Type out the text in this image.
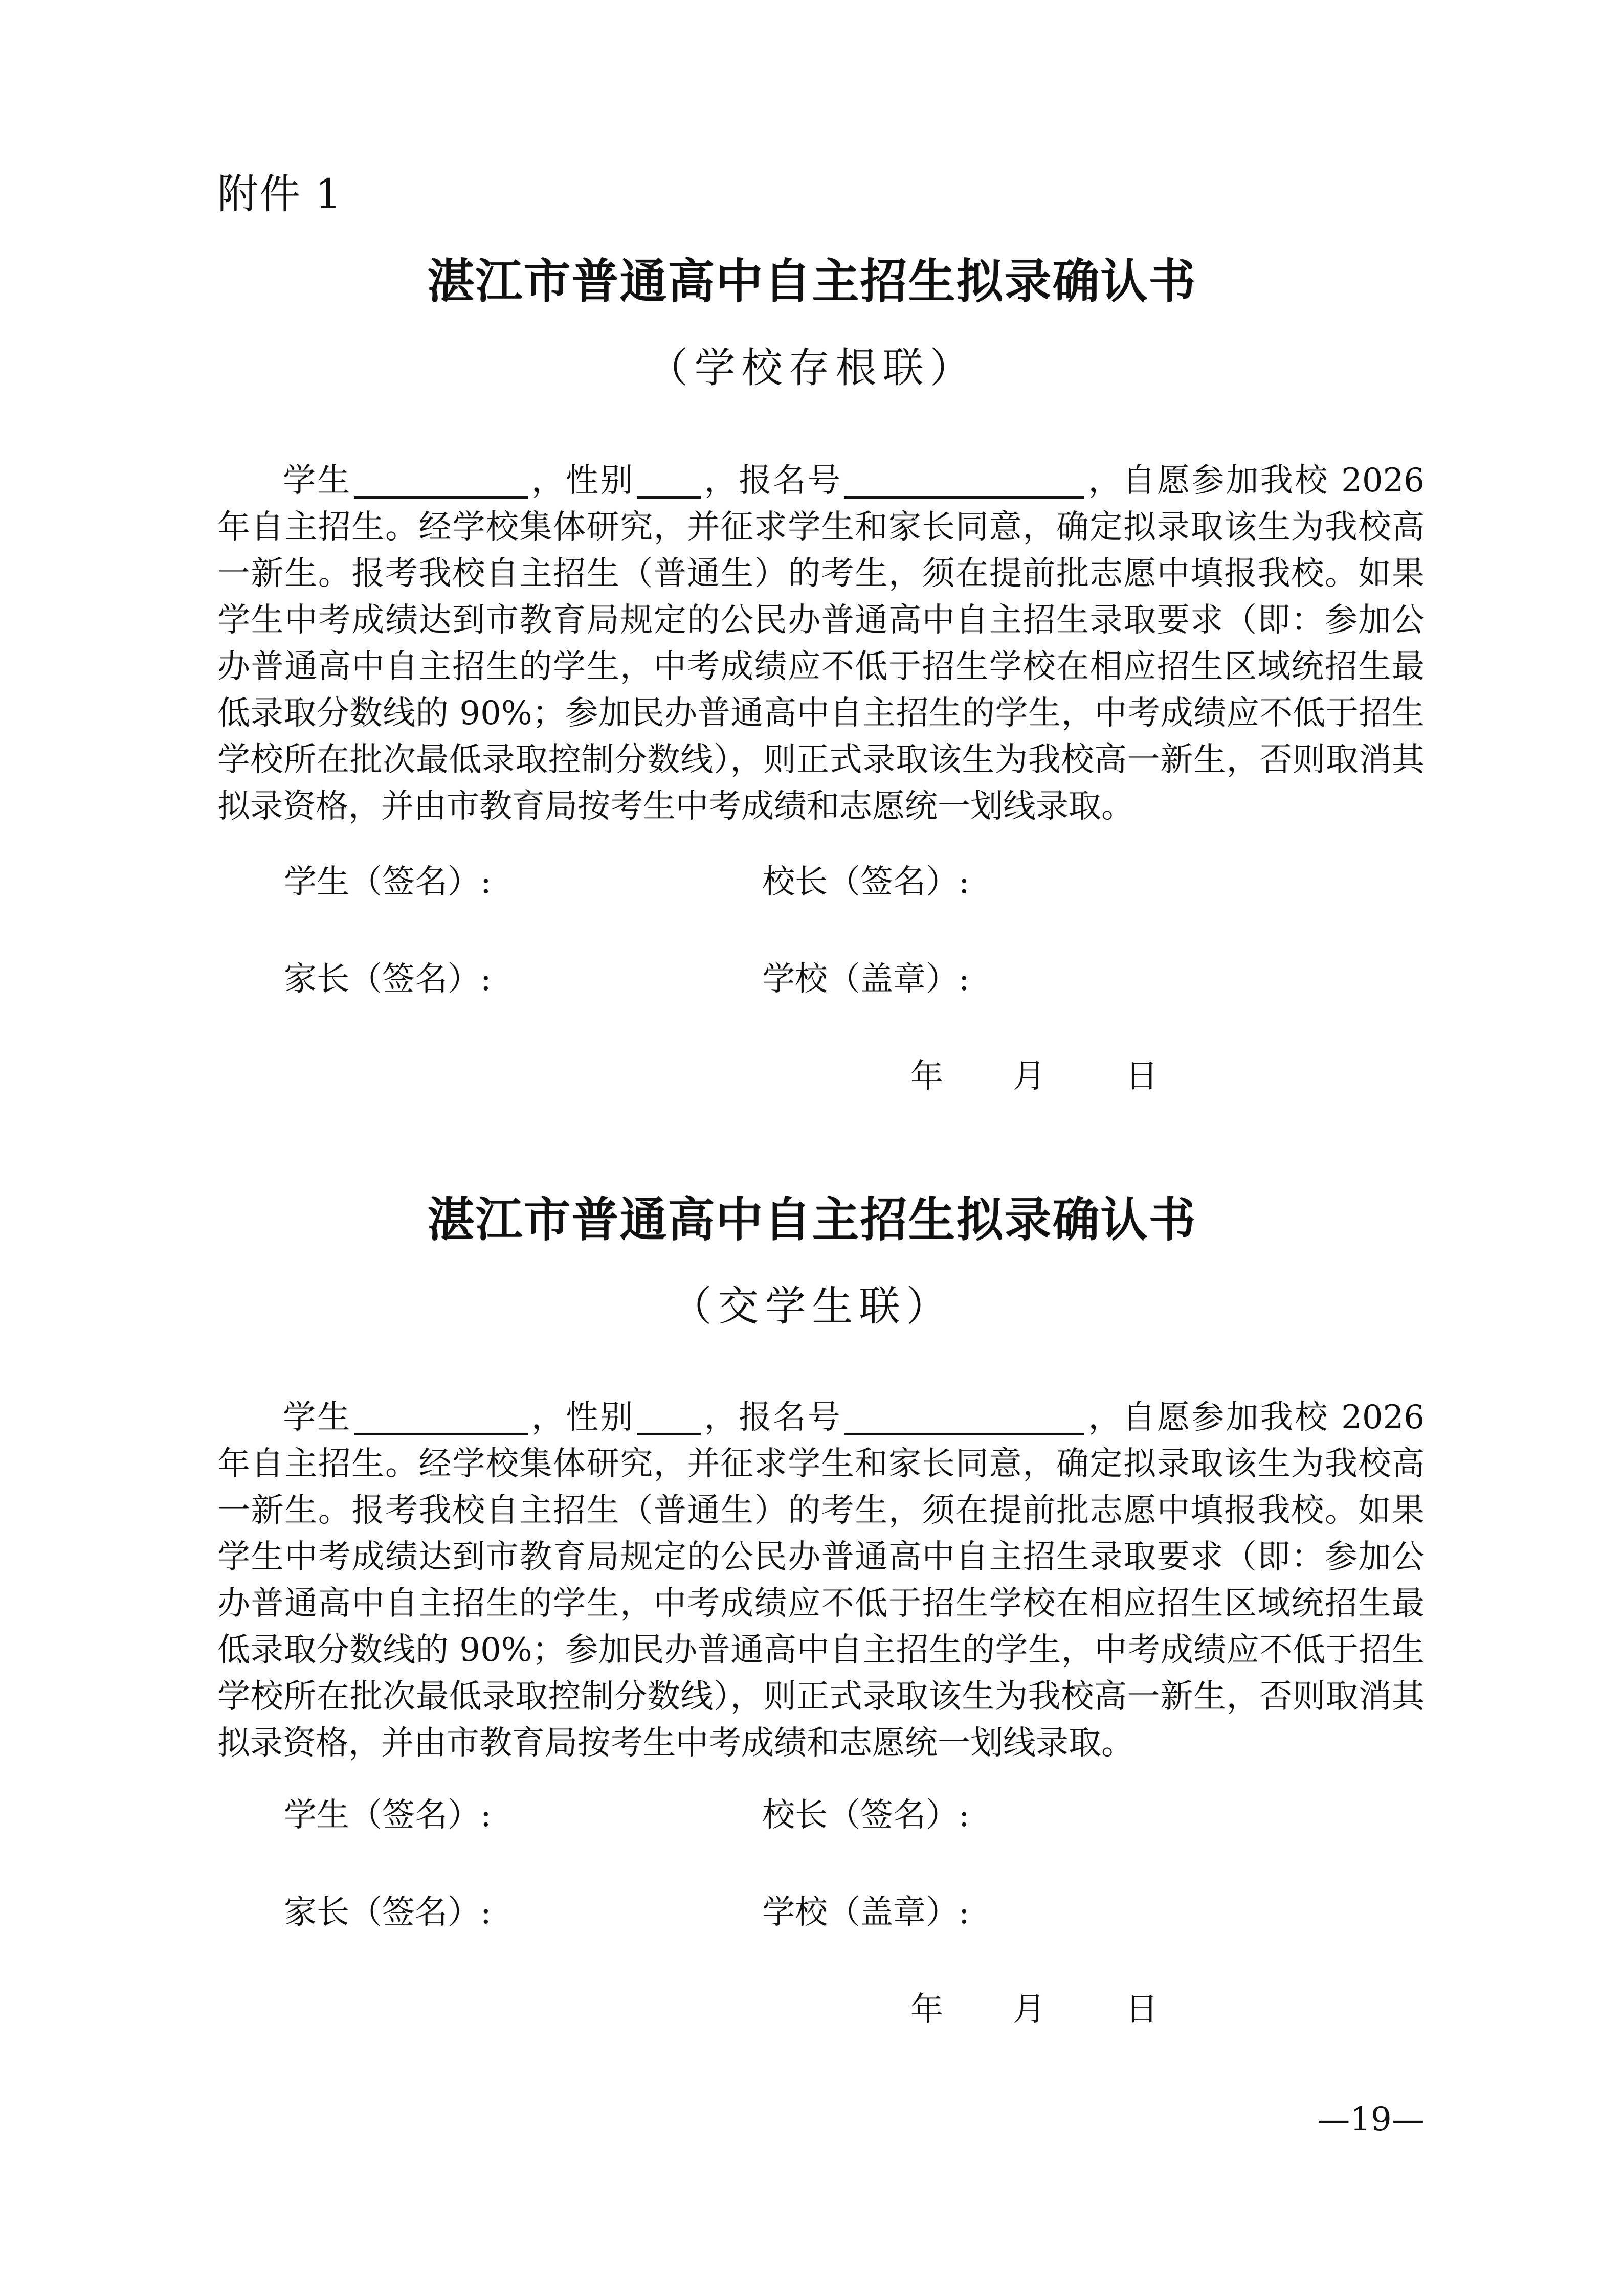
附件 1
湛江市普通高中自主招生拟录确认书
（学校存根联）

学生	，性别 ，报名号	，自愿参加我校 2026 年自主招生。经学校集体研究，并征求学生和家长同意，确定拟录取该生为我校高一新生。报考我校自主招生（普通生）的考生，须在提前批志愿中填报我校。如果学生中考成绩达到市教育局规定的公民办普通高中自主招生录取要求（即：参加公办普通高中自主招生的学生，中考成绩应不低于招生学校在相应招生区域统招生最低录取分数线的 90%；参加民办普通高中自主招生的学生，中考成绩应不低于招生学校所在批次最低录取控制分数线），则正式录取该生为我校高一新生，否则取消其拟录资格，并由市教育局按考生中考成绩和志愿统一划线录取。

学生（签名）:	校长（签名）:
家长（签名）:	学校（盖章）:
年 月 日
湛江市普通高中自主招生拟录确认书
（交学生联）

学生	，性别 ，报名号	，自愿参加我校 2026 年自主招生。经学校集体研究，并征求学生和家长同意，确定拟录取该生为我校高一新生。报考我校自主招生（普通生）的考生，须在提前批志愿中填报我校。如果学生中考成绩达到市教育局规定的公民办普通高中自主招生录取要求（即：参加公办普通高中自主招生的学生，中考成绩应不低于招生学校在相应招生区域统招生最低录取分数线的 90%；参加民办普通高中自主招生的学生，中考成绩应不低于招生学校所在批次最低录取控制分数线），则正式录取该生为我校高一新生，否则取消其拟录资格，并由市教育局按考生中考成绩和志愿统一划线录取。

学生（签名）:	校长（签名）:
家长（签名）:	学校（盖章）:
年 月 日
—19—
